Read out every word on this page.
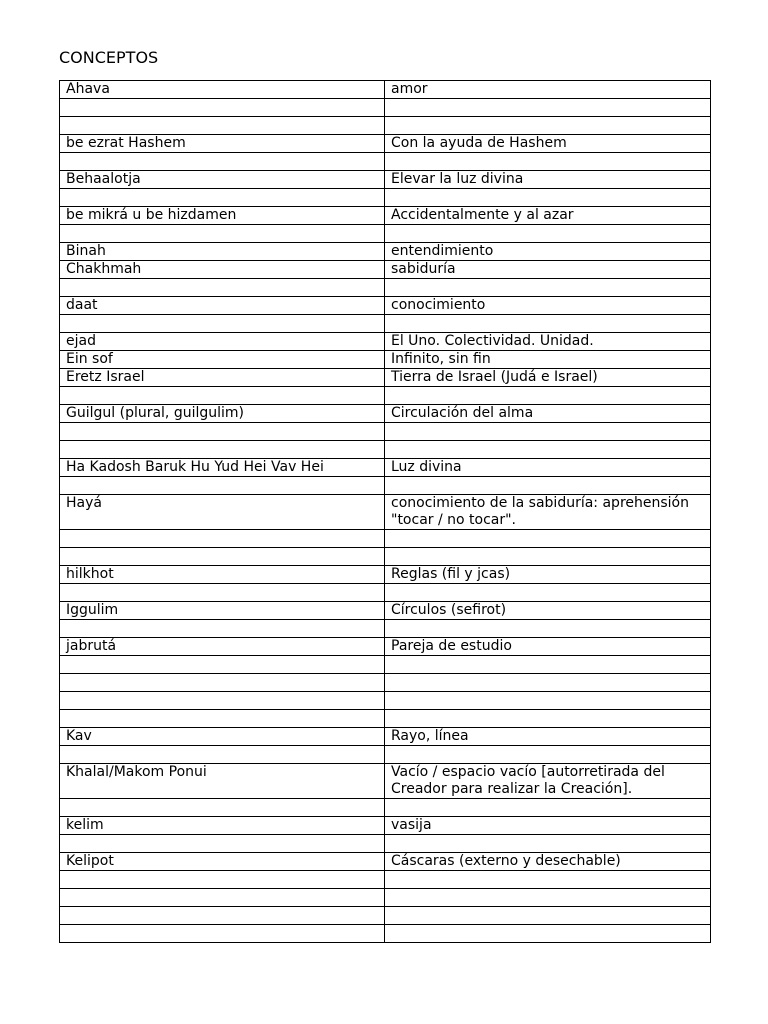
CONCEPTOS
Ahava	amor

be ezrat Hashem	Con la ayuda de Hashem

Behaalotja	Elevar la luz divina

be mikrá u be hizdamen	Accidentalmente y al azar

Binah	entendimiento
Chakhmah	sabiduría

daat	conocimiento

ejad	El Uno. Colectividad. Unidad.
Ein sof	Infinito, sin fin
Eretz Israel	Tierra de Israel (Judá e Israel)

Guilgul (plural, guilgulim)	Circulación del alma

Ha Kadosh Baruk Hu Yud Hei Vav Hei	Luz divina

Hayá	conocimiento de la sabiduría: aprehensión "tocar / no tocar".

hilkhot	Reglas (fil y jcas)

Iggulim	Círculos (sefirot)

jabrutá	Pareja de estudio

Kav	Rayo, línea

Khalal/Makom Ponui	Vacío / espacio vacío [autorretirada del Creador para realizar la Creación].

kelim	vasija

Kelipot	Cáscaras (externo y desechable)
